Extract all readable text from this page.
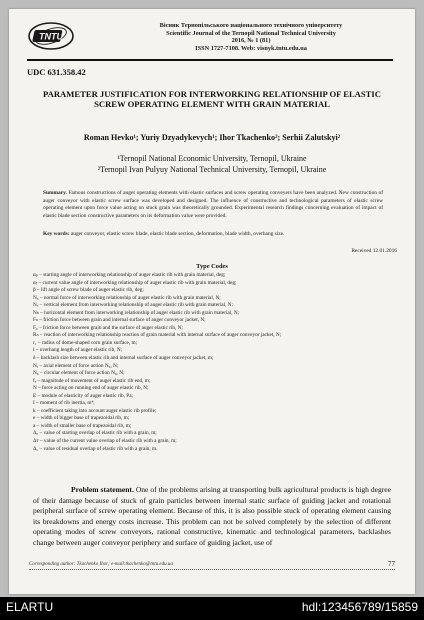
TNTU
Вісник Тернопільського національного технічного університету
Scientific Journal of the Ternopil National Technical University
2016, № 1 (81)
ISSN 1727-7108. Web: visnyk.tntu.edu.ua
UDC 631.358.42
PARAMETER JUSTIFICATION FOR INTERWORKING RELATIONSHIP OF ELASTIC SCREW OPERATING ELEMENT WITH GRAIN MATERIAL
Roman Hevko¹; Yuriy Dzyadykevych¹; Ihor Tkachenko²; Serhii Zalutskyi²
¹Ternopil National Economic University, Ternopil, Ukraine
²Ternopil Ivan Pulyuy National Technical University, Ternopil, Ukraine
Summary. Famous constructions of auger operating elements with elastic surfaces and screw operating conveyers have been analyzed. New construction of auger conveyor with elastic screw surface was developed and designed. The influence of constructive and technological parameters of elastic screw operating element upon force value acting on stuck grain was theoretically grounded. Experimental research findings concerning evaluation of impact of elastic blade section constructive parameters on its deformation value were provided.
Key words: auger conveyor, elastic screw blade, elastic blade section, deformation, blade width, overhang size.
Received 12.01.2016
Type Codes
αₚ – starting angle of interworking relationship of auger elastic rib with grain material, deg;
αₜ – current value angle of interworking relationship of auger elastic rib with grain material, deg;
β – lift angle of screw blade of auger elastic rib, deg;
N₆ – normal force of interworking relationship of auger elastic rib with grain material, N;
Nᵥ – vertical element from interworking relationship of auger elastic rib with grain material, N;
Nₕ – horizontal element from interworking relationship of auger elastic rib with grain material, N;
Fₙ – friction force between grain and internal surface of auger conveyor jacket, N;
F₆ – friction force between grain and the surface of auger elastic rib, N;
Rₙ – reaction of interworking relationship reaction of grain material with internal surface of auger conveyor jacket, N;
r₁ – radius of dome-shaped corn grain surface, m;
l – overhang length of auger elastic rib, N;
δ – backlash size between elastic rib and internal surface of auger conveyor jacket, m;
Nₐ – axial element of force action N₆, N;
N₆ – circular element of force action N₆, N;
fₐ – magnitude of movement of auger elastic rib end, m;
N – force acting on running end of auger elastic rib, N;
E – module of elasticity of auger elastic rib, Pa;
I – moment of rib inertia, m⁴;
k – coefficient taking into account auger elastic rib profile;
e – width of bigger base of trapezoidal rib, m;
a – width of smaller base of trapezoidal rib, m;
Δ₀ – value of starting overlap of elastic rib with a grain, m;
Δт – value of the current value overlap of elastic rib with a grain, m;
Δ꜀ – value of residual overlap of elastic rib with a grain, m.
Problem statement. One of the problems arising at transporting bulk agricultural products is high degree of their damage because of stuck of grain particles between internal static surface of guiding jacket and rotational peripheral surface of screw operating element. Because of this, it is also possible stuck of operating element causing its breakdowns and energy costs increase. This problem can not be solved completely by the selection of different operating modes of screw conveyors, rational constructive, kinematic and technological parameters, backlashes change between auger conveyor periphery and surface of guiding jacket, use of
Corresponding author: Tkachenko Ihor; e-mail:tkachenko@tntu.edu.ua	77
ELARTU	hdl:123456789/15859
